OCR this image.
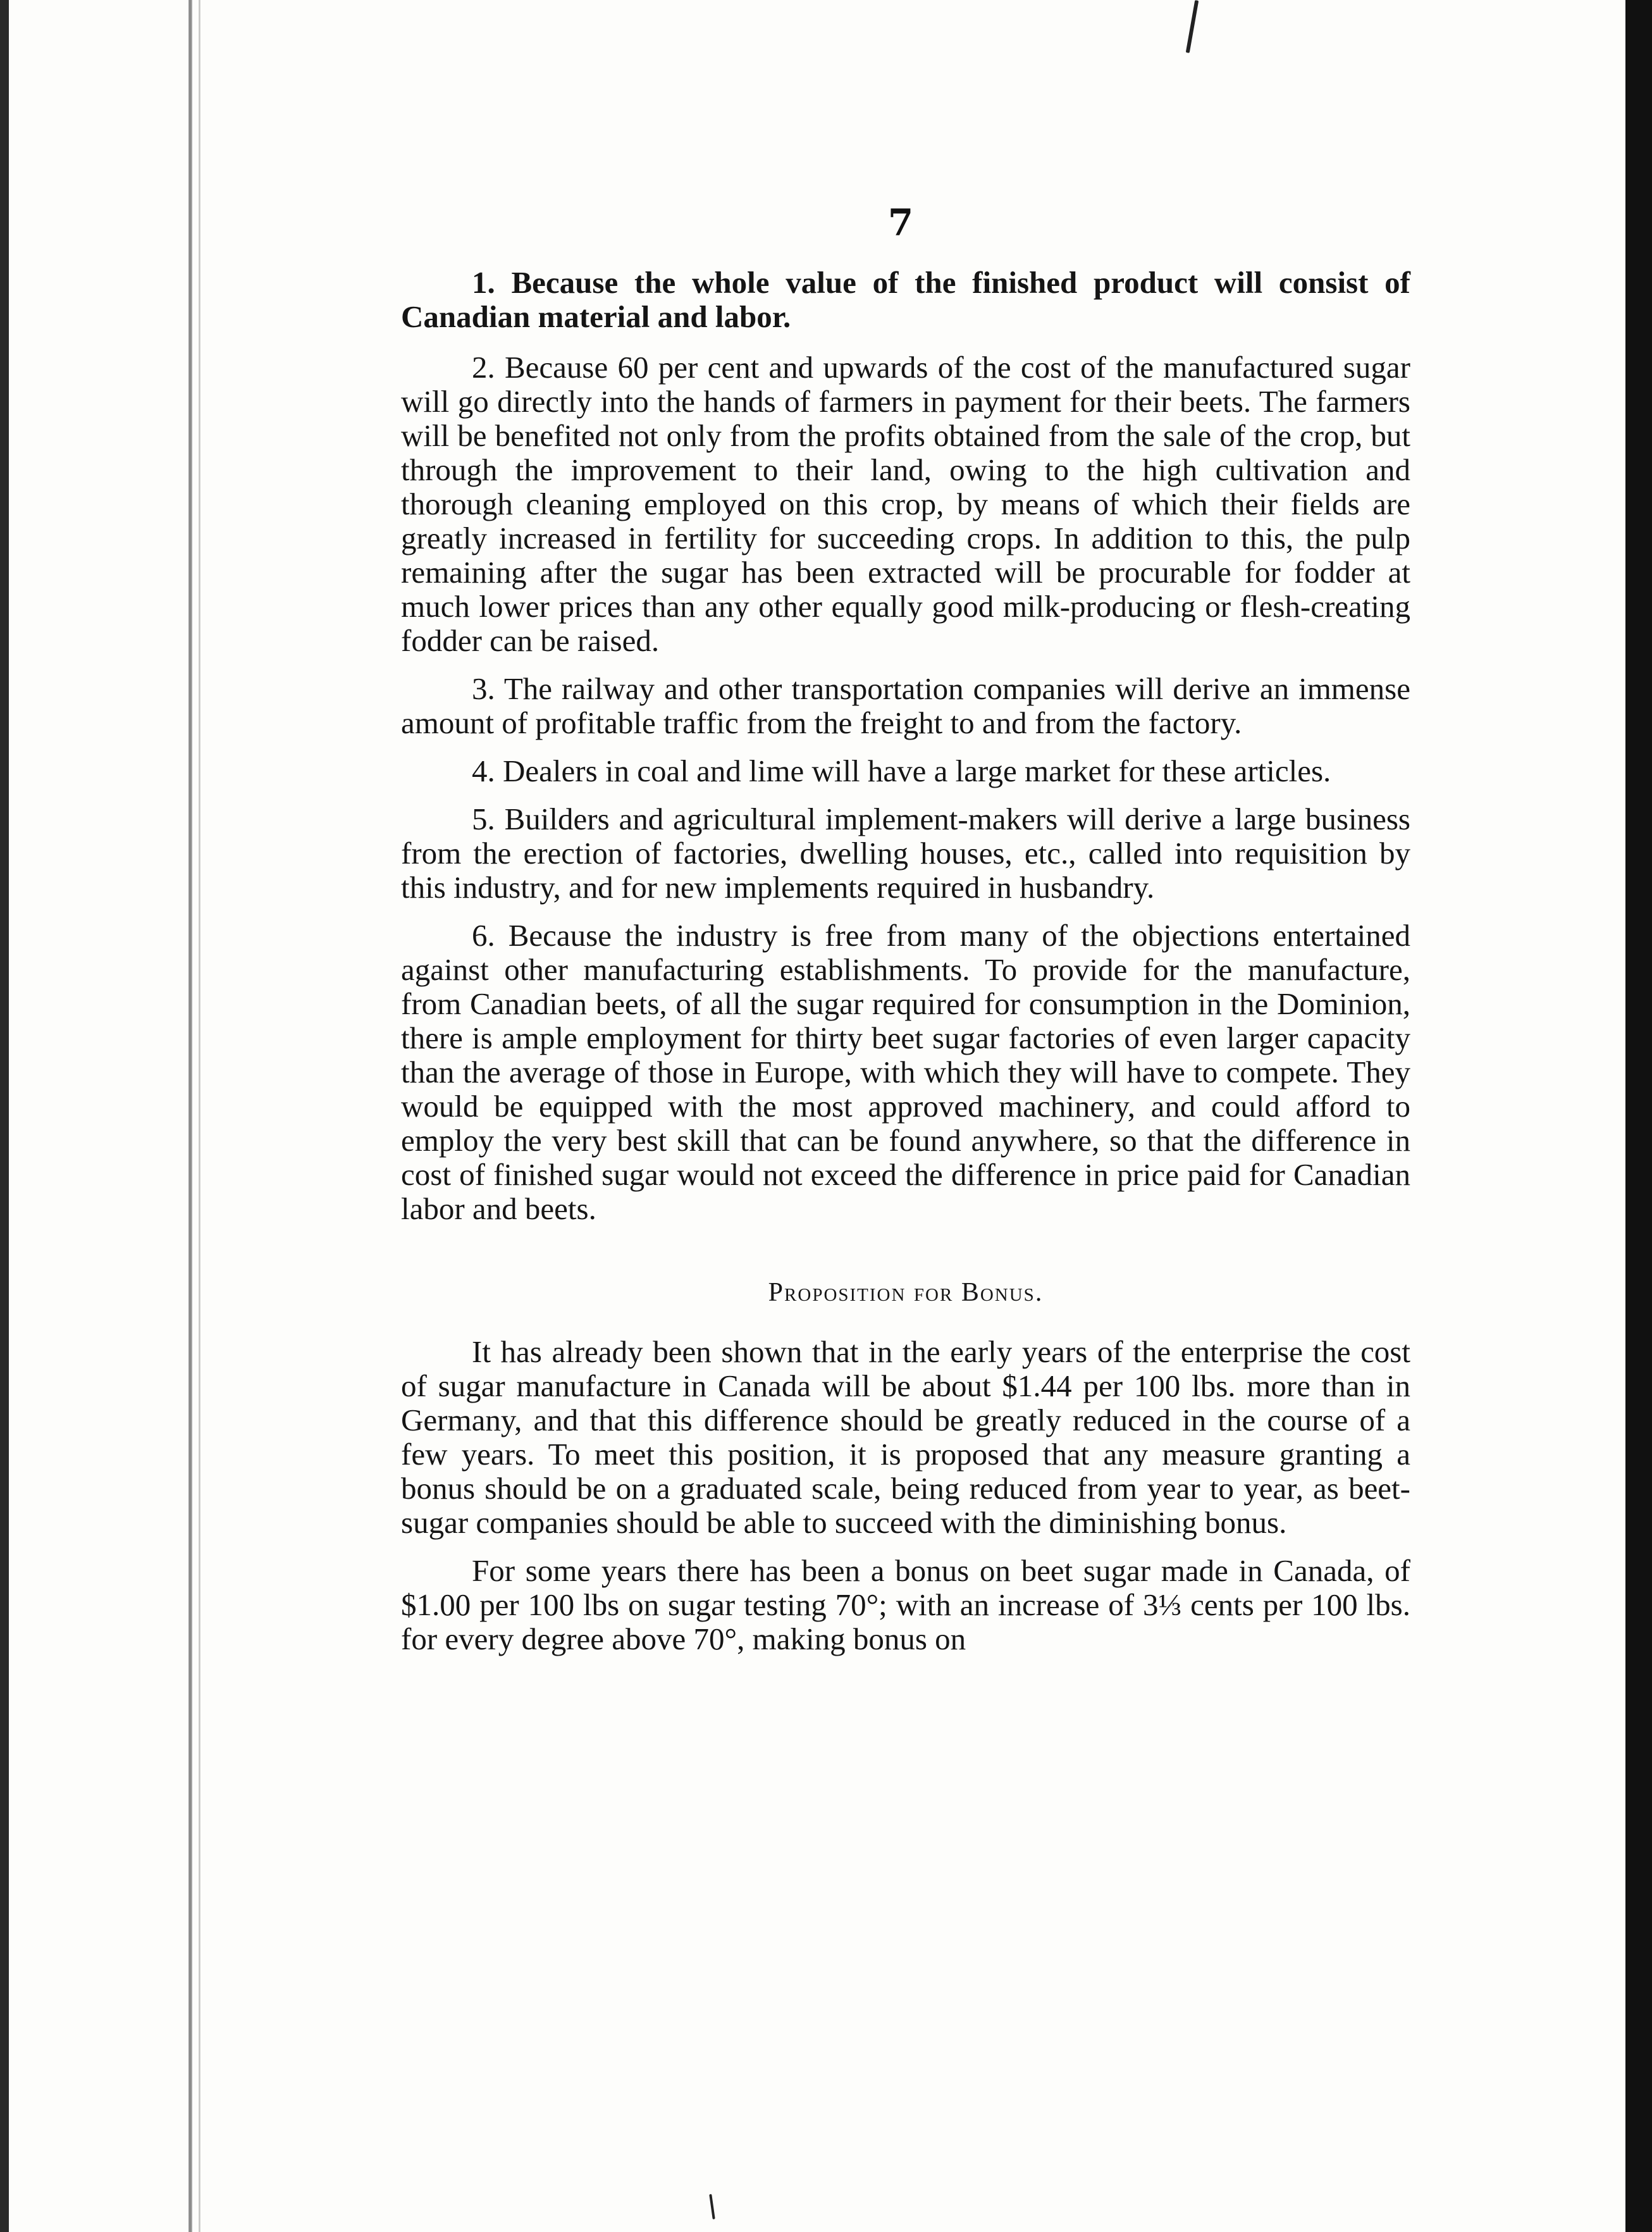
7

1. Because the whole value of the finished product will consist of Canadian material and labor.

2. Because 60 per cent and upwards of the cost of the manufactured sugar will go directly into the hands of farmers in payment for their beets. The farmers will be benefited not only from the profits obtained from the sale of the crop, but through the improvement to their land, owing to the high cultivation and thorough cleaning employed on this crop, by means of which their fields are greatly increased in fertility for succeeding crops. In addition to this, the pulp remaining after the sugar has been extracted will be procurable for fodder at much lower prices than any other equally good milk-producing or flesh-creating fodder can be raised.

3. The railway and other transportation companies will derive an immense amount of profitable traffic from the freight to and from the factory.

4. Dealers in coal and lime will have a large market for these articles.

5. Builders and agricultural implement-makers will derive a large business from the erection of factories, dwelling houses, etc., called into requisition by this industry, and for new implements required in husbandry.

6. Because the industry is free from many of the objections entertained against other manufacturing establishments. To provide for the manufacture, from Canadian beets, of all the sugar required for consumption in the Dominion, there is ample employment for thirty beet sugar factories of even larger capacity than the average of those in Europe, with which they will have to compete. They would be equipped with the most approved machinery, and could afford to employ the very best skill that can be found anywhere, so that the difference in cost of finished sugar would not exceed the difference in price paid for Canadian labor and beets.

Proposition for Bonus.

It has already been shown that in the early years of the enterprise the cost of sugar manufacture in Canada will be about $1.44 per 100 lbs. more than in Germany, and that this difference should be greatly reduced in the course of a few years. To meet this position, it is proposed that any measure granting a bonus should be on a graduated scale, being reduced from year to year, as beet-sugar companies should be able to succeed with the diminishing bonus.

For some years there has been a bonus on beet sugar made in Canada, of $1.00 per 100 lbs on sugar testing 70°; with an increase of 3⅓ cents per 100 lbs. for every degree above 70°, making bonus on
